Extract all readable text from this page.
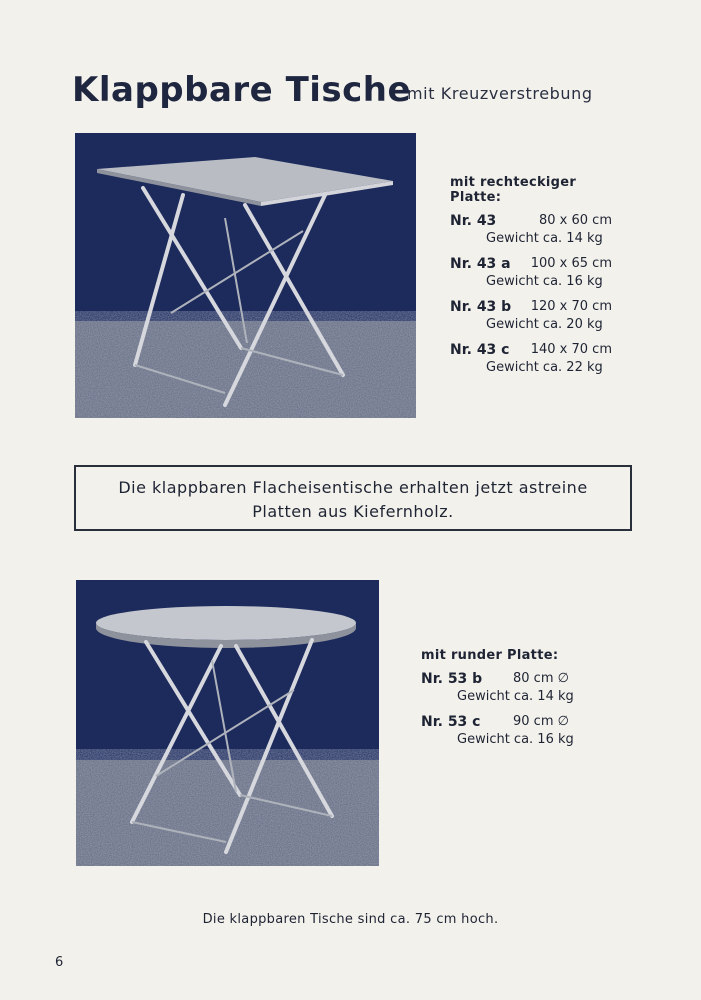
Klappbare Tische
mit Kreuzverstrebung
mit rechteckiger Platte:
Nr. 43	80 x 60 cm
Gewicht ca. 14 kg
Nr. 43 a 100 x 65 cm
Gewicht ca. 16 kg
Nr. 43 b 120 x 70 cm
Gewicht ca. 20 kg
Nr. 43 c 140 x 70 cm
Gewicht ca. 22 kg
Die klappbaren Flacheisentische erhalten jetzt astreine
Platten aus Kiefernholz.
mit runder Platte:
Nr. 53 b 80 cm ∅
Gewicht ca. 14 kg
Nr. 53 c	90 cm ∅
Gewicht ca. 16 kg
Die klappbaren Tische sind ca. 75 cm hoch.
6
